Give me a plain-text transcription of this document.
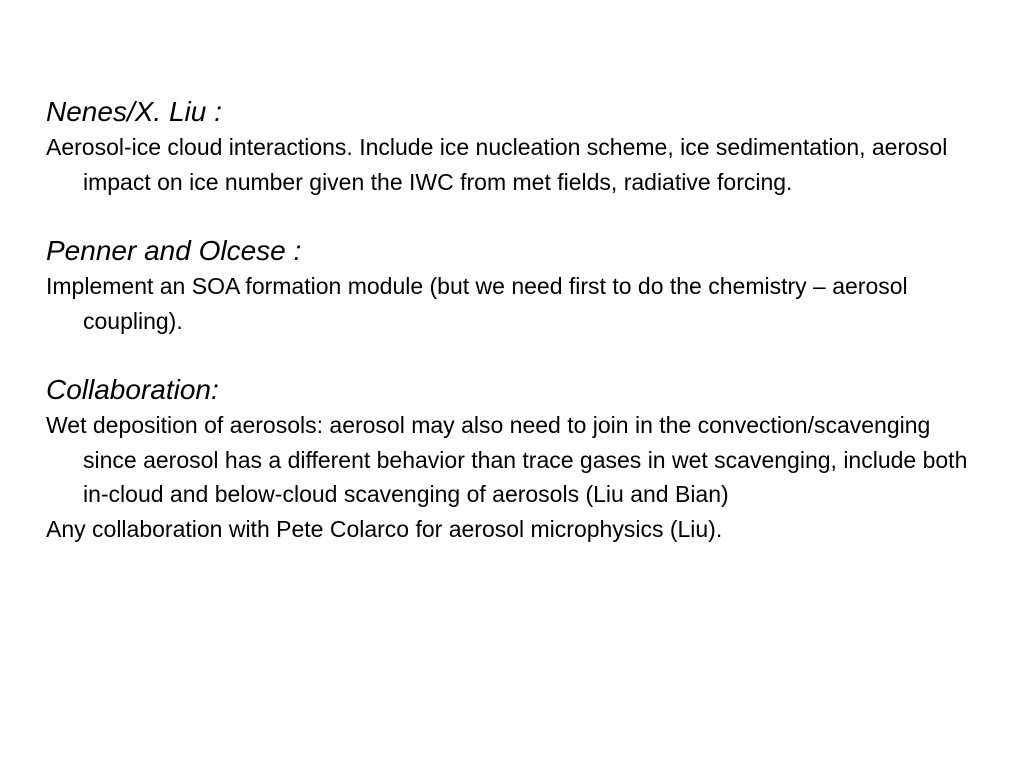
Nenes/X. Liu :

Aerosol-ice cloud interactions. Include ice nucleation scheme, ice sedimentation, aerosol impact on ice number given the IWC from met fields, radiative forcing.

Penner and Olcese :

Implement an SOA formation module (but we need first to do the chemistry – aerosol coupling).

Collaboration:

Wet deposition of aerosols: aerosol may also need to join in the convection/scavenging since aerosol has a different behavior than trace gases in wet scavenging, include both in-cloud and below-cloud scavenging of aerosols (Liu and Bian)

Any collaboration with Pete Colarco for aerosol microphysics (Liu).
